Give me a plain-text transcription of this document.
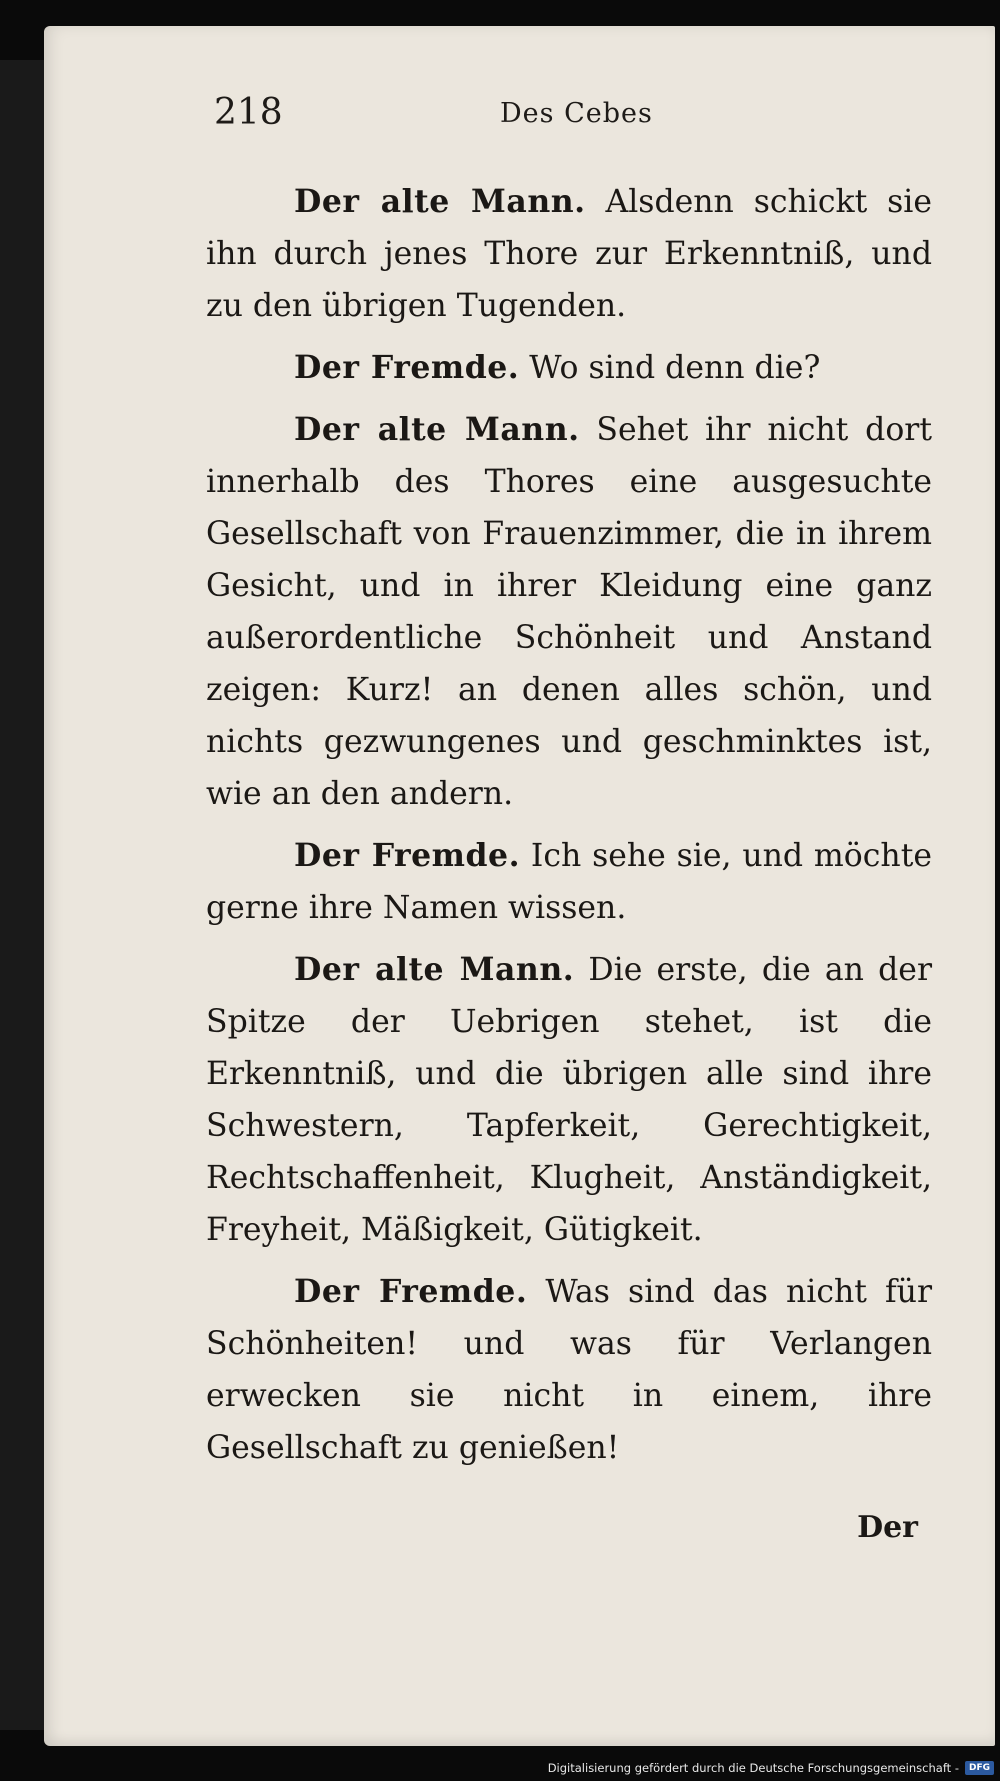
218	Des Cebes

Der alte Mann. Alsdenn schickt sie ihn durch jenes Thore zur Erkenntniß, und zu den übrigen Tugenden.

Der Fremde. Wo sind denn die?

Der alte Mann. Sehet ihr nicht dort innerhalb des Thores eine ausgesuchte Gesellschaft von Frauenzimmer, die in ihrem Gesicht, und in ihrer Kleidung eine ganz außerordentliche Schönheit und Anstand zeigen: Kurz! an denen alles schön, und nichts gezwungenes und geschminktes ist, wie an den andern.

Der Fremde. Ich sehe sie, und möchte gerne ihre Namen wissen.

Der alte Mann. Die erste, die an der Spitze der Uebrigen stehet, ist die Erkenntniß, und die übrigen alle sind ihre Schwestern, Tapferkeit, Gerechtigkeit, Rechtschaffenheit, Klugheit, Anständigkeit, Freyheit, Mäßigkeit, Gütigkeit.

Der Fremde. Was sind das nicht für Schönheiten! und was für Verlangen erwecken sie nicht in einem, ihre Gesellschaft zu genießen!

Der
Digitalisierung gefördert durch die Deutsche Forschungsgemeinschaft -	DFG
